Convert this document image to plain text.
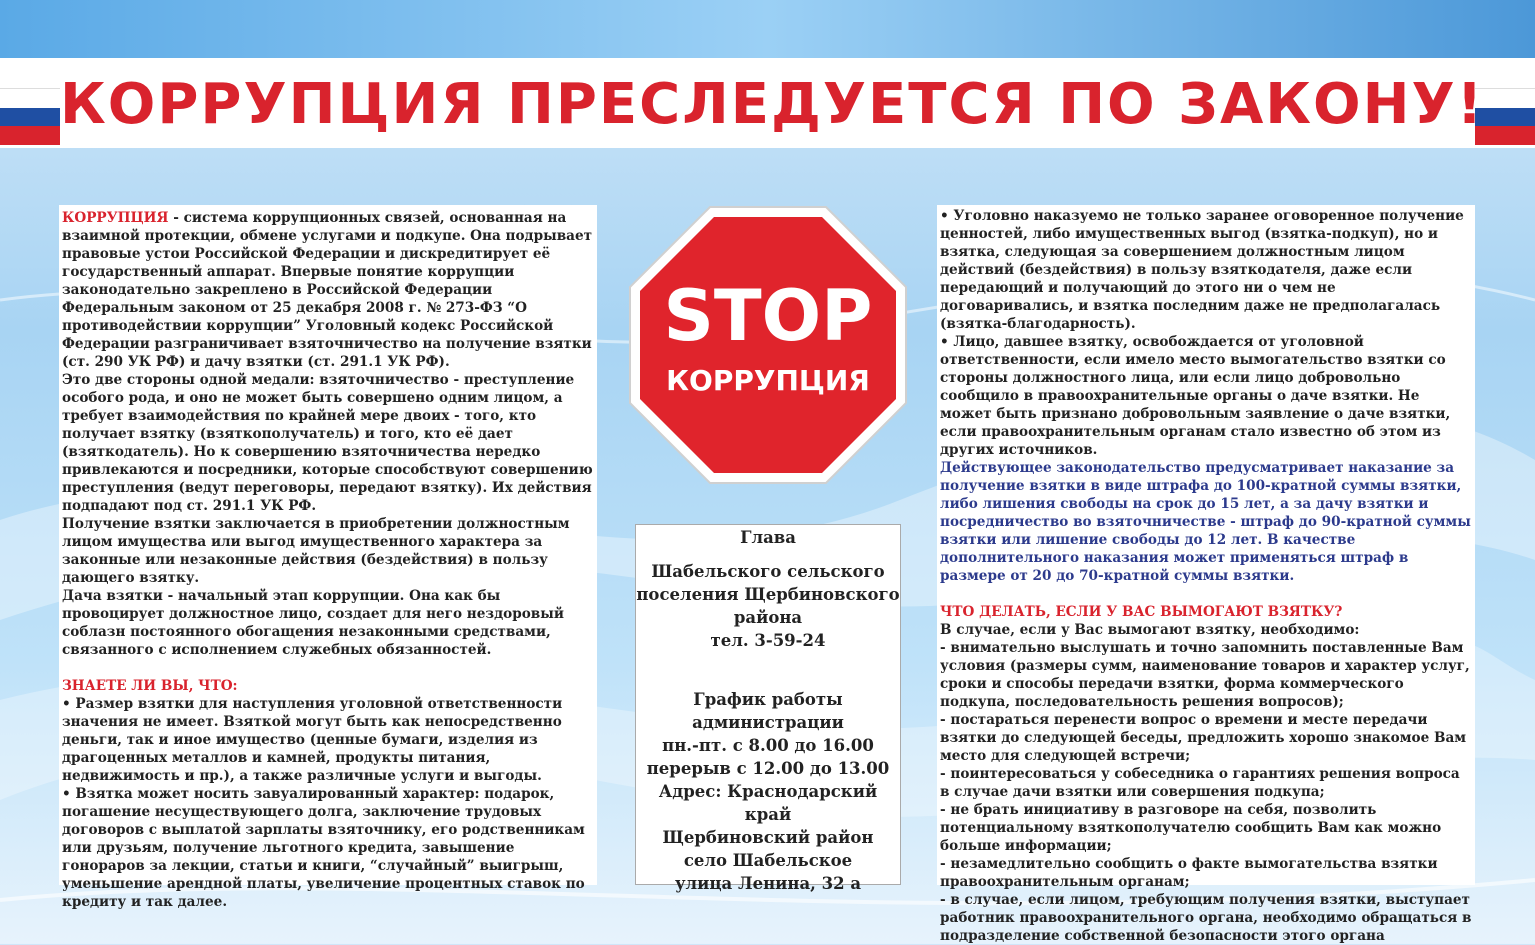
КОРРУПЦИЯ ПРЕСЛЕДУЕТСЯ ПО ЗАКОНУ!

КОРРУПЦИЯ - система коррупционных связей, основанная на взаимной протекции, обмене услугами и подкупе. Она подрывает правовые устои Российской Федерации и дискредитирует её государственный аппарат. Впервые понятие коррупции законодательно закреплено в Российской Федерации Федеральным законом от 25 декабря 2008 г. № 273-ФЗ “О противодействии коррупции” Уголовный кодекс Российской Федерации разграничивает взяточничество на получение взятки (ст. 290 УК РФ) и дачу взятки (ст. 291.1 УК РФ).

Это две стороны одной медали: взяточничество - преступление особого рода, и оно не может быть совершено одним лицом, а требует взаимодействия по крайней мере двоих - того, кто получает взятку (взяткополучатель) и того, кто её дает (взяткодатель). Но к совершению взяточничества нередко привлекаются и посредники, которые способствуют совершению преступления (ведут переговоры, передают взятку). Их действия подпадают под ст. 291.1 УК РФ.

Получение взятки заключается в приобретении должностным лицом имущества или выгод имущественного характера за законные или незаконные действия (бездействия) в пользу дающего взятку.

Дача взятки - начальный этап коррупции. Она как бы провоцирует должностное лицо, создает для него нездоровый соблазн постоянного обогащения незаконными средствами, связанного с исполнением служебных обязанностей.

ЗНАЕТЕ ЛИ ВЫ, ЧТО:

• Размер взятки для наступления уголовной ответственности значения не имеет. Взяткой могут быть как непосредственно деньги, так и иное имущество (ценные бумаги, изделия из драгоценных металлов и камней, продукты питания, недвижимость и пр.), а также различные услуги и выгоды.

• Взятка может носить завуалированный характер: подарок, погашение несуществующего долга, заключение трудовых договоров с выплатой зарплаты взяточнику, его родственникам или друзьям, получение льготного кредита, завышение гонораров за лекции, статьи и книги, “случайный” выигрыш, уменьшение арендной платы, увеличение процентных ставок по кредиту и так далее.

STOP
КОРРУПЦИЯ

Глава

Шабельского сельского поселения Щербиновского района

тел. 3-59-24

График работы администрации

пн.-пт. с 8.00 до 16.00

перерыв с 12.00 до 13.00

Адрес: Краснодарский край

Щербиновский район

село Шабельское

улица Ленина, 32 а

• Уголовно наказуемо не только заранее оговоренное получение ценностей, либо имущественных выгод (взятка-подкуп), но и взятка, следующая за совершением должностным лицом действий (бездействия) в пользу взяткодателя, даже если передающий и получающий до этого ни о чем не договаривались, и взятка последним даже не предполагалась (взятка-благодарность).

• Лицо, давшее взятку, освобождается от уголовной ответственности, если имело место вымогательство взятки со стороны должностного лица, или если лицо добровольно сообщило в правоохранительные органы о даче взятки. Не может быть признано добровольным заявление о даче взятки, если правоохранительным органам стало известно об этом из других источников.

Действующее законодательство предусматривает наказание за получение взятки в виде штрафа до 100-кратной суммы взятки, либо лишения свободы на срок до 15 лет, а за дачу взятки и посредничество во взяточничестве - штраф до 90-кратной суммы взятки или лишение свободы до 12 лет. В качестве дополнительного наказания может применяться штраф в размере от 20 до 70-кратной суммы взятки.

ЧТО ДЕЛАТЬ, ЕСЛИ У ВАС ВЫМОГАЮТ ВЗЯТКУ?

В случае, если у Вас вымогают взятку, необходимо:

- внимательно выслушать и точно запомнить поставленные Вам условия (размеры сумм, наименование товаров и характер услуг, сроки и способы передачи взятки, форма коммерческого подкупа, последовательность решения вопросов);

- постараться перенести вопрос о времени и месте передачи взятки до следующей беседы, предложить хорошо знакомое Вам место для следующей встречи;

- поинтересоваться у собеседника о гарантиях решения вопроса в случае дачи взятки или совершения подкупа;

- не брать инициативу в разговоре на себя, позволить потенциальному взяткополучателю сообщить Вам как можно больше информации;

- незамедлительно сообщить о факте вымогательства взятки правоохранительным органам;

- в случае, если лицом, требующим получения взятки, выступает работник правоохранительного органа, необходимо обращаться в подразделение собственной безопасности этого органа
